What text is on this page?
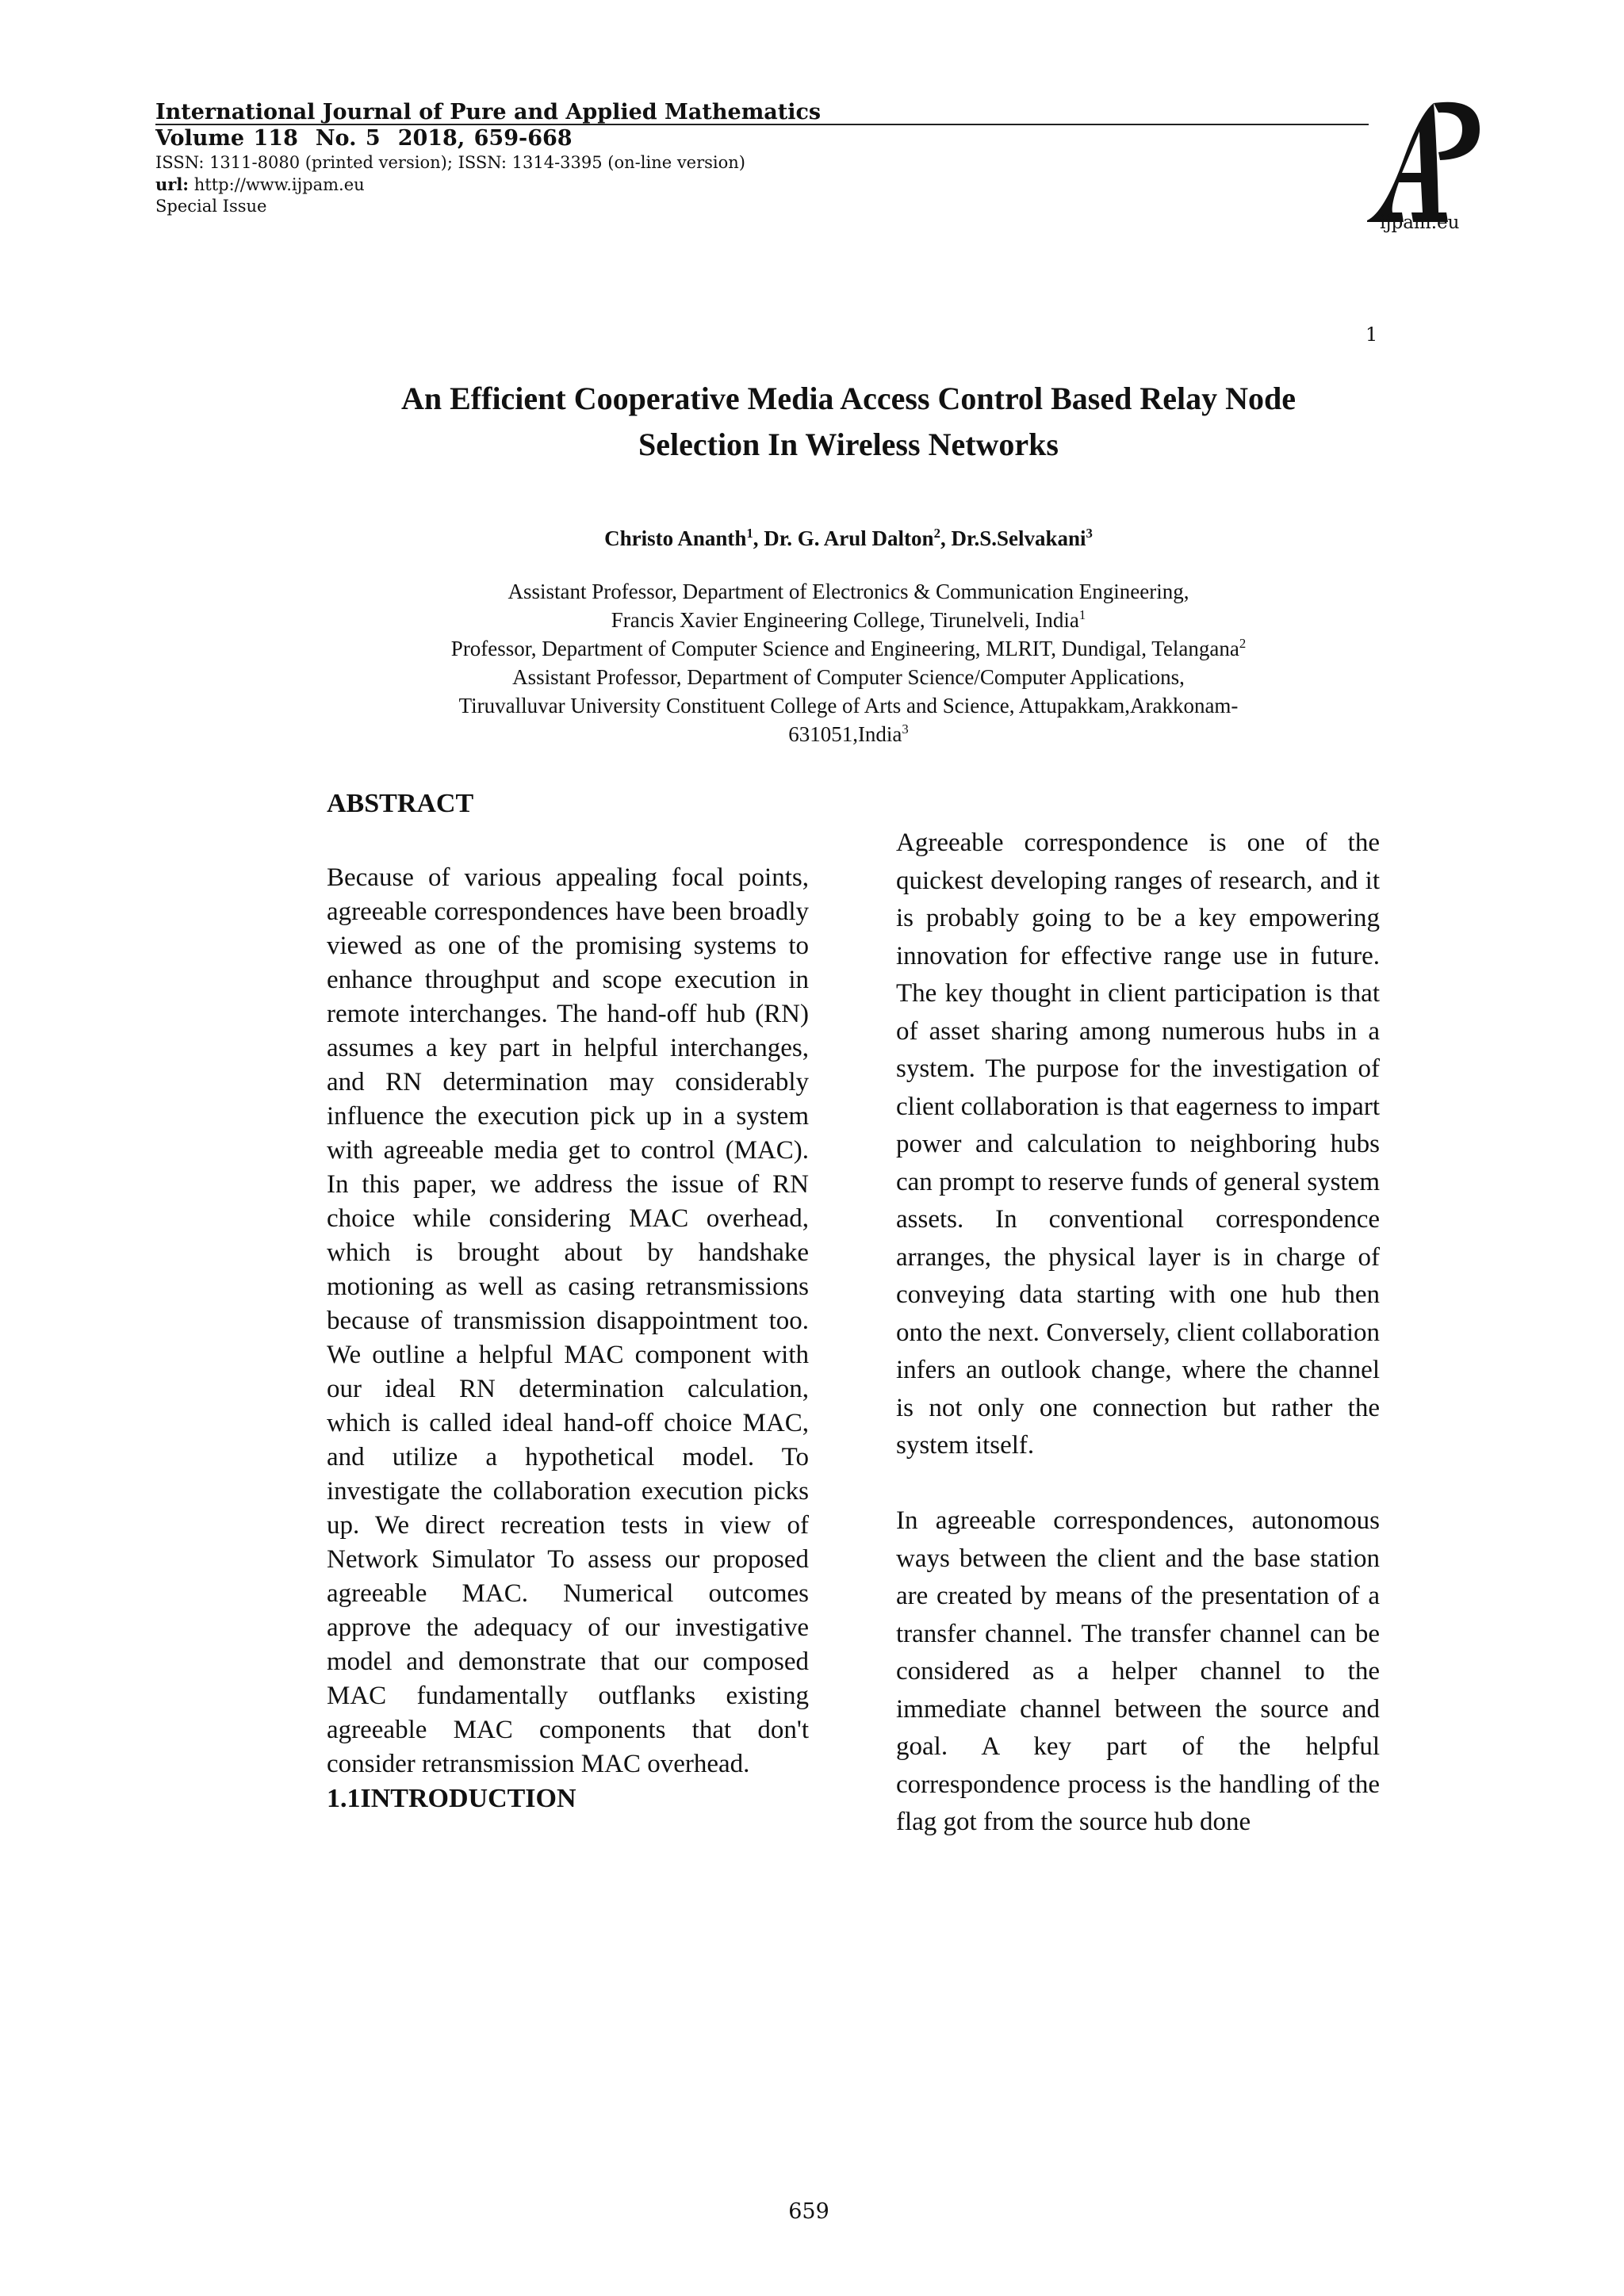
International Journal of Pure and Applied Mathematics
Volume 118 No. 5 2018, 659-668
ISSN: 1311-8080 (printed version); ISSN: 1314-3395 (on-line version)
url: http://www.ijpam.eu
Special Issue
ijpam.eu
1
An Efficient Cooperative Media Access Control Based Relay Node
Selection In Wireless Networks
Christo Ananth$^1$, Dr. G. Arul Dalton$^2$, Dr.S.Selvakani$^3$
Assistant Professor, Department of Electronics & Communication Engineering,
Francis Xavier Engineering College, Tirunelveli, India$^1$
Professor, Department of Computer Science and Engineering, MLRIT, Dundigal, Telangana$^2$
Assistant Professor, Department of Computer Science/Computer Applications,
Tiruvalluvar University Constituent College of Arts and Science, Attupakkam,Arakkonam-
631051,India$^3$
ABSTRACT

Because of various appealing focal points, agreeable correspondences have been broadly viewed as one of the promising systems to enhance throughput and scope execution in remote interchanges. The hand-off hub (RN) assumes a key part in helpful interchanges, and RN determination may considerably influence the execution pick up in a system with agreeable media get to control (MAC). In this paper, we address the issue of RN choice while considering MAC overhead, which is brought about by handshake motioning as well as casing retransmissions because of transmission disappointment too. We outline a helpful MAC component with our ideal RN determination calculation, which is called ideal hand-off choice MAC, and utilize a hypothetical model. To investigate the collaboration execution picks up. We direct recreation tests in view of Network Simulator To assess our proposed agreeable MAC. Numerical outcomes approve the adequacy of our investigative model and demonstrate that our composed MAC fundamentally outflanks existing agreeable MAC components that don't consider retransmission MAC overhead.

1.1INTRODUCTION

Agreeable correspondence is one of the quickest developing ranges of research, and it is probably going to be a key empowering innovation for effective range use in future. The key thought in client participation is that of asset sharing among numerous hubs in a system. The purpose for the investigation of client collaboration is that eagerness to impart power and calculation to neighboring hubs can prompt to reserve funds of general system assets. In conventional correspondence arranges, the physical layer is in charge of conveying data starting with one hub then onto the next. Conversely, client collaboration infers an outlook change, where the channel is not only one connection but rather the system itself.

In agreeable correspondences, autonomous ways between the client and the base station are created by means of the presentation of a transfer channel. The transfer channel can be considered as a helper channel to the immediate channel between the source and goal. A key part of the helpful correspondence process is the handling of the flag got from the source hub done

659
